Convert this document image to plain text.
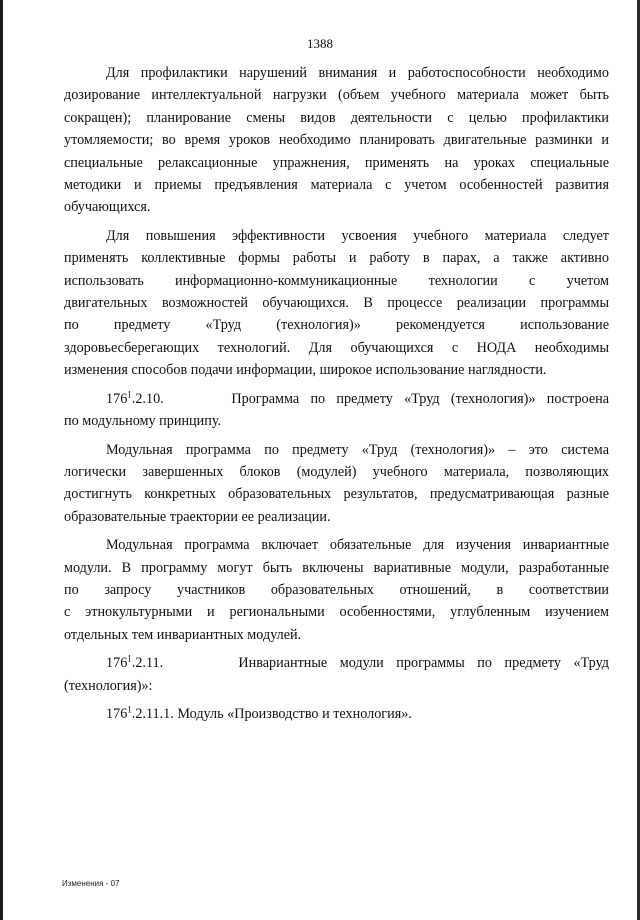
1388
Для профилактики нарушений внимания и работоспособности необходимо
дозирование интеллектуальной нагрузки (объем учебного материала может быть
сокращен); планирование смены видов деятельности с целью профилактики
утомляемости; во время уроков необходимо планировать двигательные разминки и
специальные релаксационные упражнения, применять на уроках специальные
методики и приемы предъявления материала с учетом особенностей развития
обучающихся.
Для повышения эффективности усвоения учебного материала следует
применять коллективные формы работы и работу в парах, а также активно
использовать информационно-коммуникационные технологии с учетом
двигательных возможностей обучающихся. В процессе реализации программы
по предмету «Труд (технология)» рекомендуется использование
здоровьесберегающих технологий. Для обучающихся с НОДА необходимы
изменения способов подачи информации, широкое использование наглядности.
$176^1.2.10$.	Программа по предмету «Труд (технология)» построена
по модульному принципу.
Модульная программа по предмету «Труд (технология)» – это система
логически завершенных блоков (модулей) учебного материала, позволяющих
достигнуть конкретных образовательных результатов, предусматривающая разные
образовательные траектории ее реализации.
Модульная программа включает обязательные для изучения инвариантные
модули. В программу могут быть включены вариативные модули, разработанные
по запросу участников образовательных отношений, в соответствии
с этнокультурными и региональными особенностями, углубленным изучением
отдельных тем инвариантных модулей.
$176^1.2.11$.	Инвариантные модули программы по предмету «Труд
(технология)»:
$176^1.2.11.1$. Модуль «Производство и технология».
Изменения - 07
